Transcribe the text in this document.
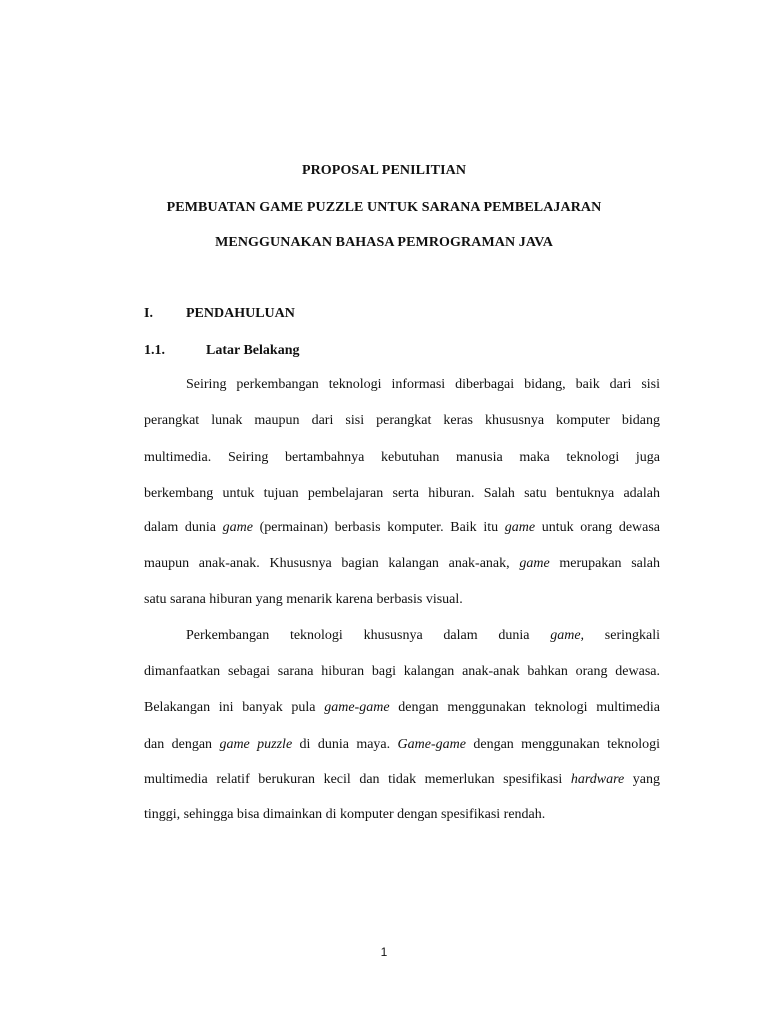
PROPOSAL PENILITIAN
PEMBUATAN GAME PUZZLE UNTUK SARANA PEMBELAJARAN
MENGGUNAKAN BAHASA PEMROGRAMAN JAVA
I. PENDAHULUAN
1.1.	Latar Belakang
Seiring perkembangan teknologi informasi diberbagai bidang, baik dari sisi
perangkat lunak maupun dari sisi perangkat keras khususnya komputer bidang
multimedia. Seiring bertambahnya kebutuhan manusia maka teknologi juga
berkembang untuk tujuan pembelajaran serta hiburan. Salah satu bentuknya adalah
dalam dunia game (permainan) berbasis komputer. Baik itu game untuk orang dewasa
maupun anak-anak. Khususnya bagian kalangan anak-anak, game merupakan salah
satu sarana hiburan yang menarik karena berbasis visual.
Perkembangan teknologi khususnya dalam dunia game, seringkali
dimanfaatkan sebagai sarana hiburan bagi kalangan anak-anak bahkan orang dewasa.
Belakangan ini banyak pula game-game dengan menggunakan teknologi multimedia
dan dengan game puzzle di dunia maya. Game-game dengan menggunakan teknologi
multimedia relatif berukuran kecil dan tidak memerlukan spesifikasi hardware yang
tinggi, sehingga bisa dimainkan di komputer dengan spesifikasi rendah.
1
